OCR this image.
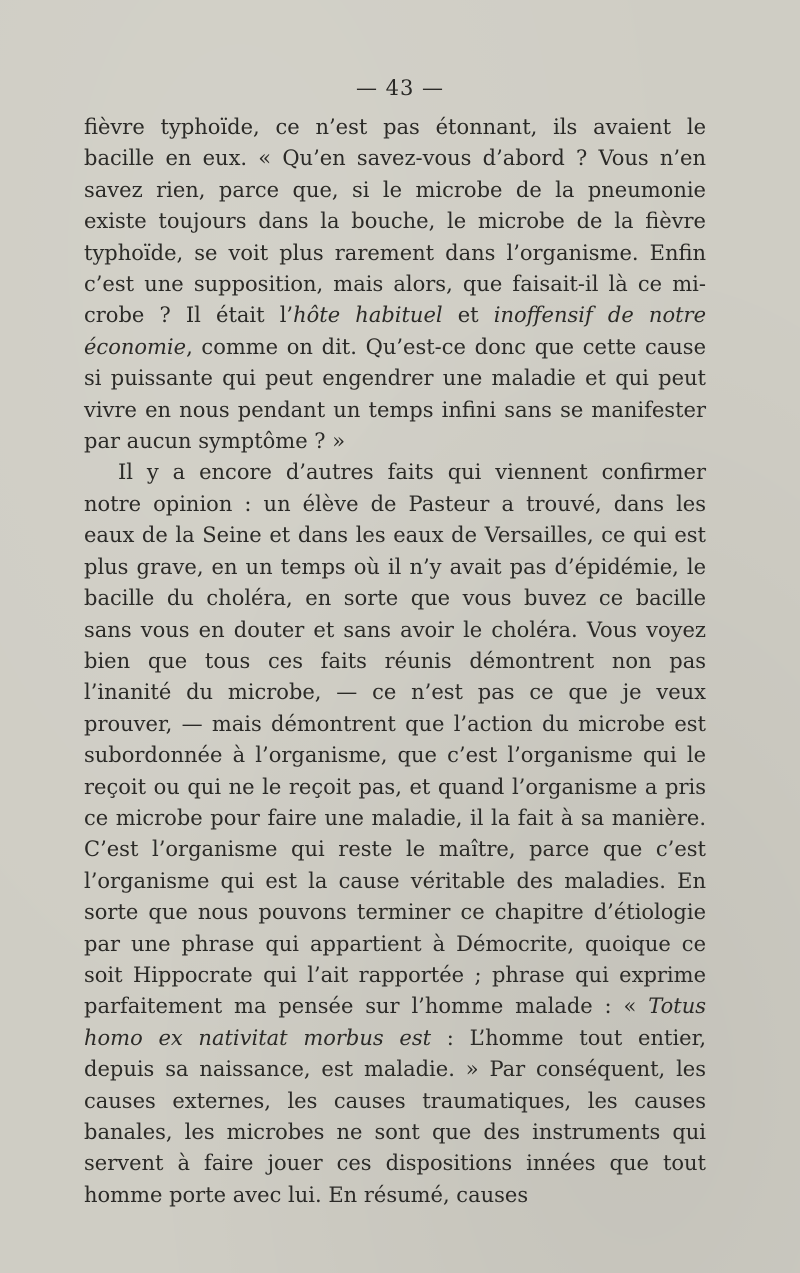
— 43 —

fièvre typhoïde, ce n’est pas étonnant, ils avaient le bacille en eux. « Qu’en savez-vous d’abord ? Vous n’en savez rien, parce que, si le microbe de la pneumonie existe toujours dans la bouche, le microbe de la fièvre typhoïde, se voit plus rarement dans l’organisme. Enfin c’est une supposition, mais alors, que faisait-il là ce microbe ? Il était l’hôte habituel et inoffensif de notre économie, comme on dit. Qu’est-ce donc que cette cause si puissante qui peut engendrer une maladie et qui peut vivre en nous pendant un temps infini sans se manifester par aucun symptôme ? »

Il y a encore d’autres faits qui viennent confirmer notre opinion : un élève de Pasteur a trouvé, dans les eaux de la Seine et dans les eaux de Versailles, ce qui est plus grave, en un temps où il n’y avait pas d’épidémie, le bacille du choléra, en sorte que vous buvez ce bacille sans vous en douter et sans avoir le choléra. Vous voyez bien que tous ces faits réunis démontrent non pas l’inanité du microbe, — ce n’est pas ce que je veux prouver, — mais démontrent que l’action du microbe est subordonnée à l’organisme, que c’est l’organisme qui le reçoit ou qui ne le reçoit pas, et quand l’organisme a pris ce microbe pour faire une maladie, il la fait à sa manière. C’est l’organisme qui reste le maître, parce que c’est l’organisme qui est la cause véritable des maladies. En sorte que nous pouvons terminer ce chapitre d’étiologie par une phrase qui appartient à Démocrite, quoique ce soit Hippocrate qui l’ait rapportée ; phrase qui exprime parfaitement ma pensée sur l’homme malade : « Totus homo ex nativitat morbus est : L’homme tout entier, depuis sa naissance, est maladie. » Par conséquent, les causes externes, les causes traumatiques, les causes banales, les microbes ne sont que des instruments qui servent à faire jouer ces dispositions innées que tout homme porte avec lui. En résumé, causes
